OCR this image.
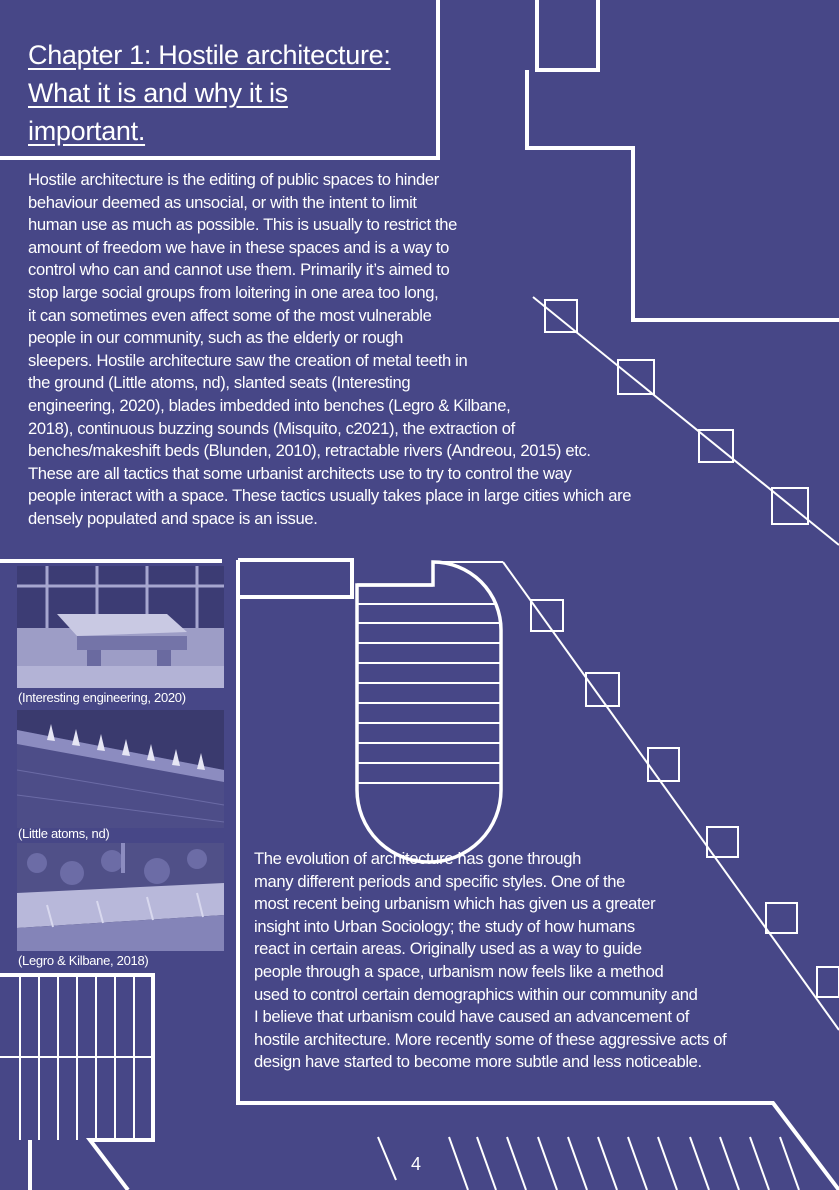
Chapter 1: Hostile architecture:
What it is and why it is
important.
Hostile architecture is the editing of public spaces to hinder
behaviour deemed as unsocial, or with the intent to limit
human use as much as possible. This is usually to restrict the
amount of freedom we have in these spaces and is a way to
control who can and cannot use them. Primarily it’s aimed to
stop large social groups from loitering in one area too long,
it can sometimes even affect some of the most vulnerable
people in our community, such as the elderly or rough
sleepers. Hostile architecture saw the creation of metal teeth in
the ground (Little atoms, nd), slanted seats (Interesting
engineering, 2020), blades imbedded into benches (Legro & Kilbane,
2018), continuous buzzing sounds (Misquito, c2021), the extraction of
benches/makeshift beds (Blunden, 2010), retractable rivers (Andreou, 2015) etc.
These are all tactics that some urbanist architects use to try to control the way
people interact with a space. These tactics usually takes place in large cities which are
densely populated and space is an issue.
(Interesting engineering, 2020)
(Little atoms, nd)
(Legro & Kilbane, 2018)
The evolution of architecture has gone through
many different periods and specific styles. One of the
most recent being urbanism which has given us a greater
insight into Urban Sociology; the study of how humans
react in certain areas. Originally used as a way to guide
people through a space, urbanism now feels like a method
used to control certain demographics within our community and
I believe that urbanism could have caused an advancement of
hostile architecture. More recently some of these aggressive acts of
design have started to become more subtle and less noticeable.
4
